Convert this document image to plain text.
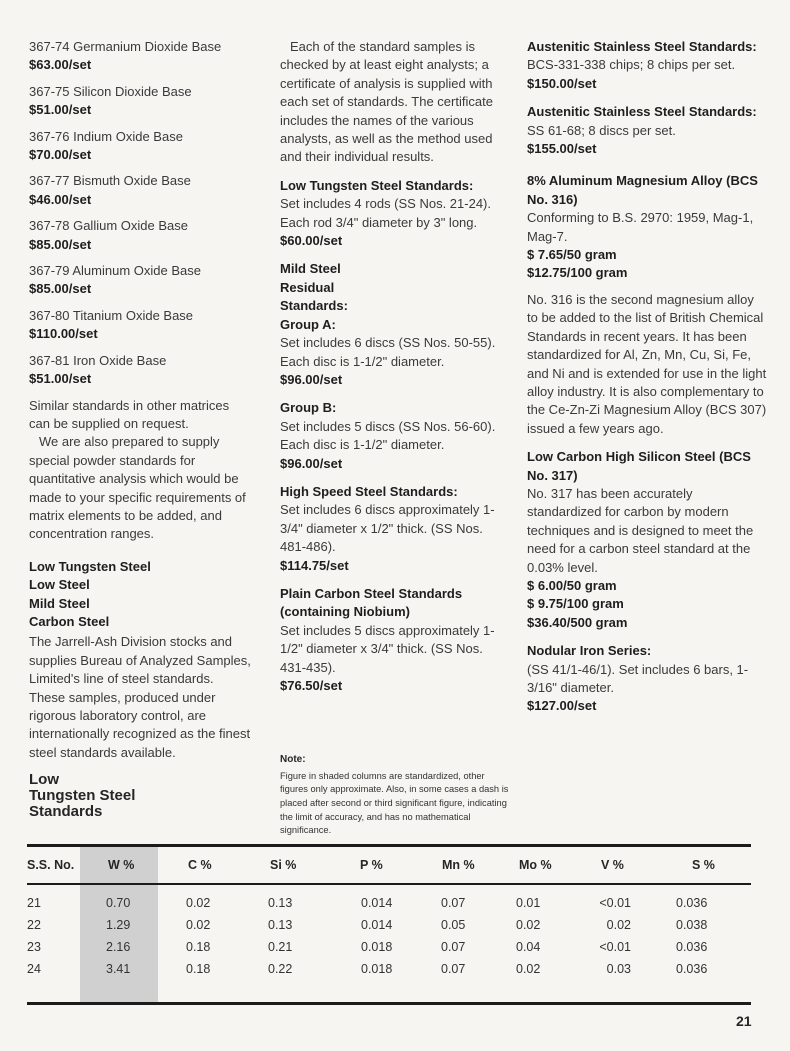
367-74 Germanium Dioxide Base

$63.00/set

367-75 Silicon Dioxide Base

$51.00/set

367-76 Indium Oxide Base

$70.00/set

367-77 Bismuth Oxide Base

$46.00/set

367-78 Gallium Oxide Base

$85.00/set

367-79 Aluminum Oxide Base

$85.00/set

367-80 Titanium Oxide Base

$110.00/set

367-81 Iron Oxide Base

$51.00/set

Similar standards in other matrices can be supplied on request.

We are also prepared to supply special powder standards for quantitative analysis which would be made to your specific requirements of matrix elements to be added, and concentration ranges.

Low Tungsten Steel

Low Steel

Mild Steel

Carbon Steel

The Jarrell-Ash Division stocks and supplies Bureau of Analyzed Samples, Limited's line of steel standards. These samples, produced under rigorous laboratory control, are internationally recognized as the finest steel standards available.

Low
Tungsten Steel
Standards

Each of the standard samples is checked by at least eight analysts; a certificate of analysis is supplied with each set of standards. The certificate includes the names of the various analysts, as well as the method used and their individual results.

Low Tungsten Steel Standards:

Set includes 4 rods (SS Nos. 21-24). Each rod 3/4" diameter by 3" long.

$60.00/set

Mild Steel

Residual

Standards:

Group A:

Set includes 6 discs (SS Nos. 50-55). Each disc is 1-1/2" diameter.

$96.00/set

Group B:

Set includes 5 discs (SS Nos. 56-60). Each disc is 1-1/2" diameter.

$96.00/set

High Speed Steel Standards:

Set includes 6 discs approximately 1-3/4" diameter x 1/2" thick. (SS Nos. 481-486).

$114.75/set

Plain Carbon Steel Standards (containing Niobium)

Set includes 5 discs approximately 1-1/2" diameter x 3/4" thick. (SS Nos. 431-435).

$76.50/set

Note:

Figure in shaded columns are standardized, other figures only approximate. Also, in some cases a dash is placed after second or third significant figure, indicating the limit of accuracy, and has no mathematical significance.

Austenitic Stainless Steel Standards:

BCS-331-338 chips; 8 chips per set.

$150.00/set

Austenitic Stainless Steel Standards:

SS 61-68; 8 discs per set.

$155.00/set

8% Aluminum Magnesium Alloy (BCS No. 316)

Conforming to B.S. 2970: 1959, Mag-1, Mag-7.

$ 7.65/50 gram

$12.75/100 gram

No. 316 is the second magnesium alloy to be added to the list of British Chemical Standards in recent years. It has been standardized for Al, Zn, Mn, Cu, Si, Fe, and Ni and is extended for use in the light alloy industry. It is also complementary to the Ce-Zn-Zi Magnesium Alloy (BCS 307) issued a few years ago.

Low Carbon High Silicon Steel (BCS No. 317)

No. 317 has been accurately standardized for carbon by modern techniques and is designed to meet the need for a carbon steel standard at the 0.03% level.

$ 6.00/50 gram

$ 9.75/100 gram

$36.40/500 gram

Nodular Iron Series:

(SS 41/1-46/1). Set includes 6 bars, 1-3/16" diameter.

$127.00/set

S.S. No.	W %	C %	Si %	P %	Mn %	Mo %	V %	S %

21	0.70	0.02	0.13	0.014	0.07	0.01	<0.01	0.036
22	1.29	0.02	0.13	0.014	0.05	0.02	0.02	0.038
23	2.16	0.18	0.21	0.018	0.07	0.04	<0.01	0.036
24	3.41	0.18	0.22	0.018	0.07	0.02	0.03	0.036

21
